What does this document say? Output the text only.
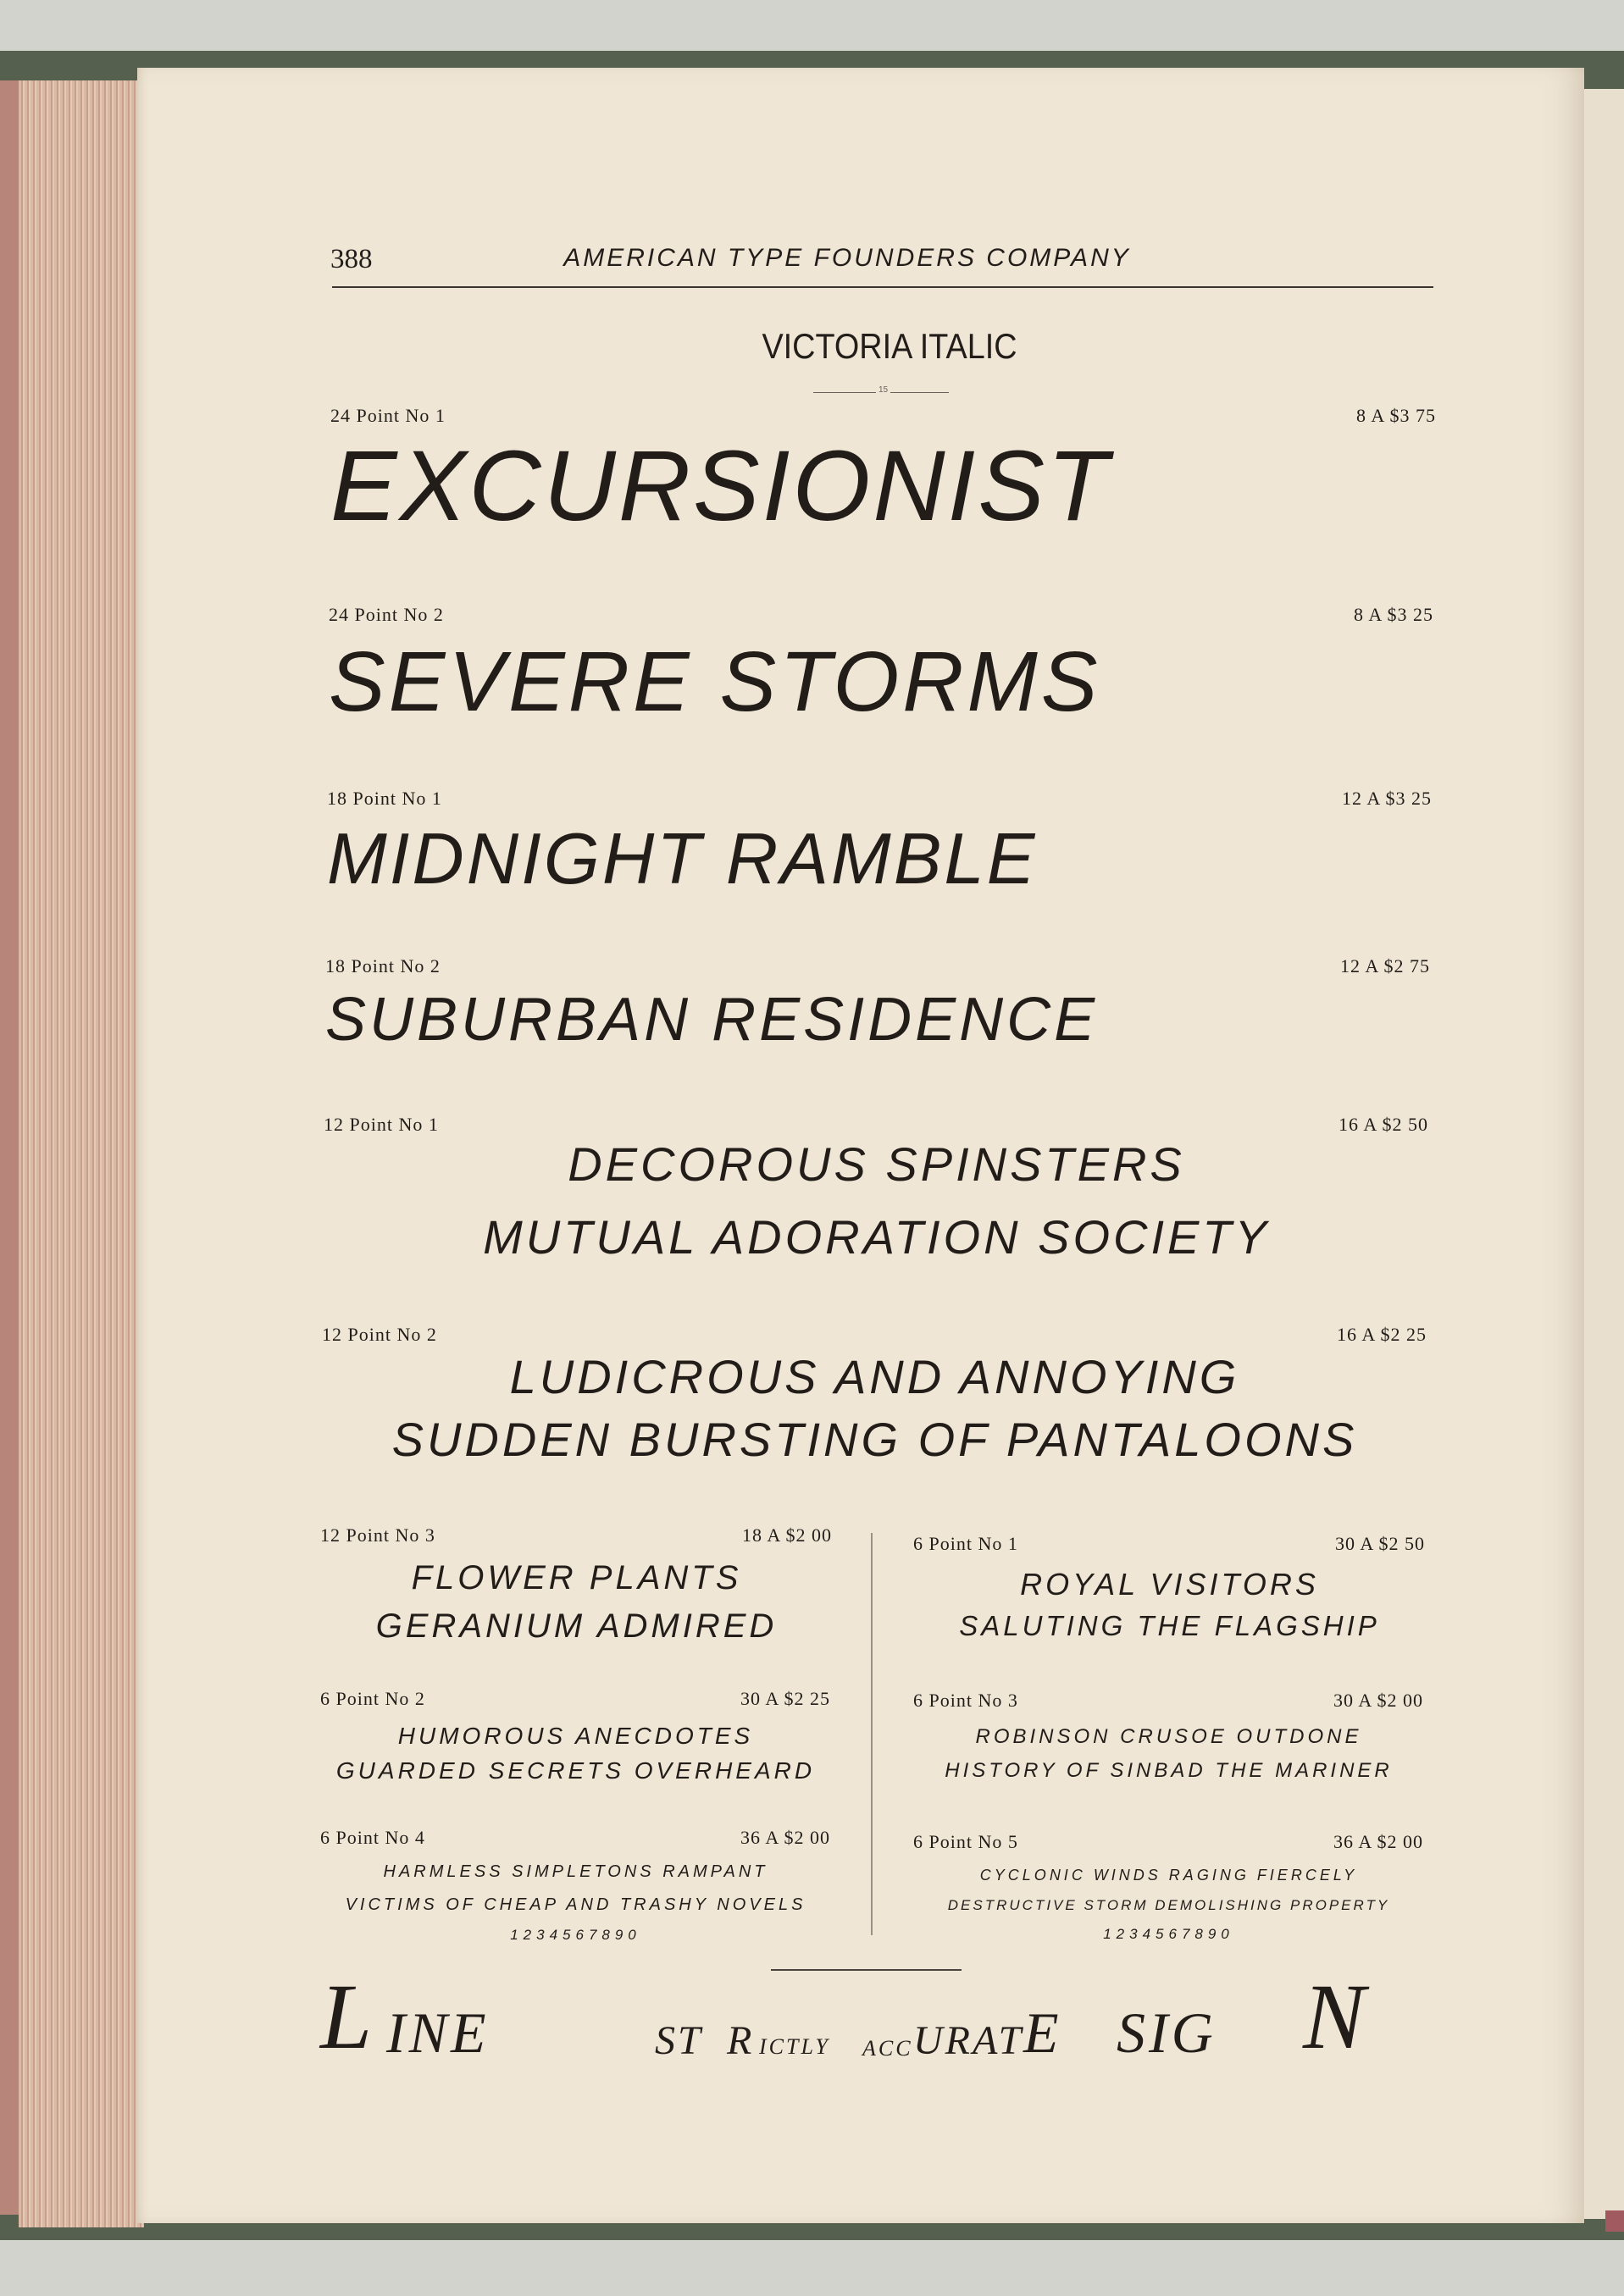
388	AMERICAN TYPE FOUNDERS COMPANY
VICTORIA ITALIC
15
24 Point No 1	8 A $3 75
EXCURSIONIST
24 Point No 2	8 A $3 25
SEVERE STORMS
18 Point No 1	12 A $3 25
MIDNIGHT RAMBLE
18 Point No 2	12 A $2 75
SUBURBAN RESIDENCE
12 Point No 1	16 A $2 50
DECOROUS SPINSTERS
MUTUAL ADORATION SOCIETY
12 Point No 2	16 A $2 25
LUDICROUS AND ANNOYING
SUDDEN BURSTING OF PANTALOONS
12 Point No 3	18 A $2 00
FLOWER PLANTS
GERANIUM ADMIRED
6 Point No 2	30 A $2 25
HUMOROUS ANECDOTES
GUARDED SECRETS OVERHEARD
6 Point No 4	36 A $2 00
HARMLESS SIMPLETONS RAMPANT
VICTIMS OF CHEAP AND TRASHY NOVELS
1234567890
6 Point No 1	30 A $2 50
ROYAL VISITORS
SALUTING THE FLAGSHIP
6 Point No 3	30 A $2 00
ROBINSON CRUSOE OUTDONE
HISTORY OF SINBAD THE MARINER
6 Point No 5	36 A $2 00
CYCLONIC WINDS RAGING FIERCELY
DESTRUCTIVE STORM DEMOLISHING PROPERTY
1234567890
L INE	ST R ICTLY ACC URAT E SIG N
